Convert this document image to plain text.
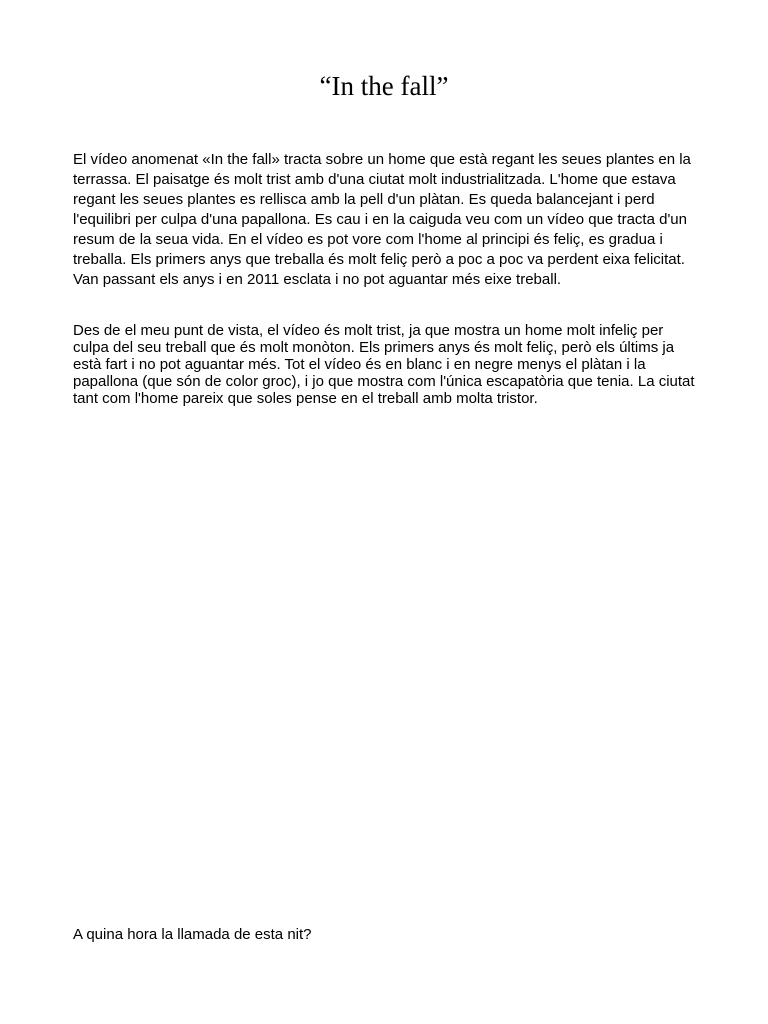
“In the fall”

El vídeo anomenat «In the fall» tracta sobre un home que està regant les seues plantes en la terrassa. El paisatge és molt trist amb d'una ciutat molt industrialitzada. L'home que estava regant les seues plantes es rellisca amb la pell d'un plàtan. Es queda balancejant i perd l'equilibri per culpa d'una papallona. Es cau i en la caiguda veu com un vídeo que tracta d'un resum de la seua vida. En el vídeo es pot vore com l'home al principi és feliç, es gradua i treballa. Els primers anys que treballa és molt feliç però a poc a poc va perdent eixa felicitat. Van passant els anys i en 2011 esclata i no pot aguantar més eixe treball.

Des de el meu punt de vista, el vídeo és molt trist, ja que mostra un home molt infeliç per culpa del seu treball que és molt monòton. Els primers anys és molt feliç, però els últims ja està fart i no pot aguantar més. Tot el vídeo és en blanc i en negre menys el plàtan i la papallona (que són de color groc), i jo que mostra com l'única escapatòria que tenia. La ciutat tant com l'home pareix que soles pense en el treball amb molta tristor.

A quina hora la llamada de esta nit?
